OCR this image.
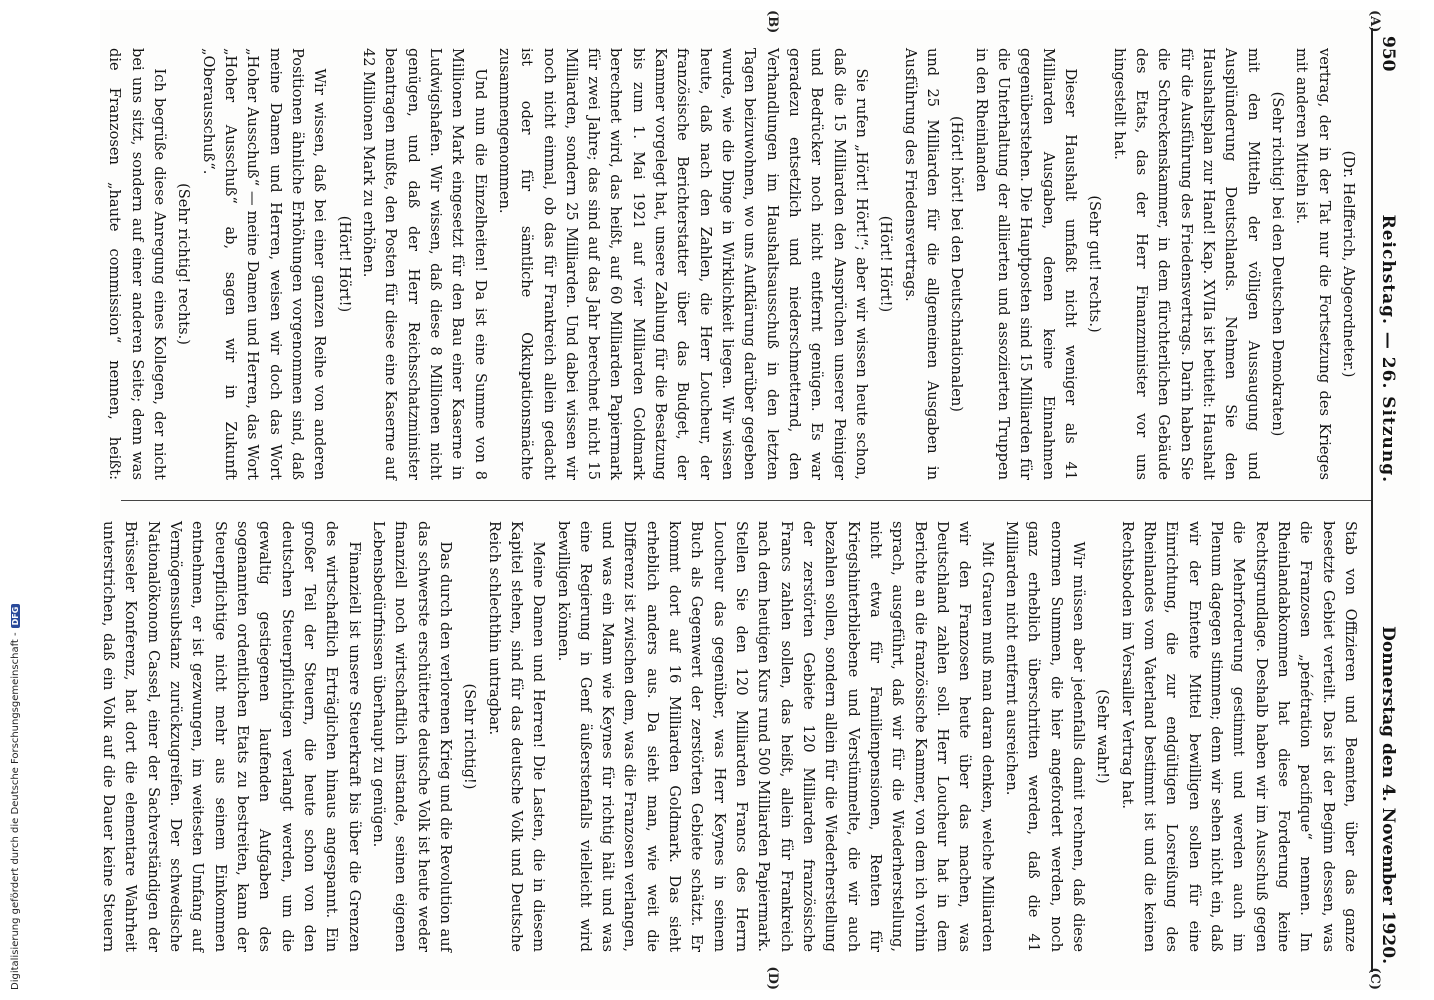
Digitalisierung gefördert durch die Deutsche Forschungsgemeinschaft -
DFG
950
Reichstag. — 26. Sitzung.
Donnerstag den 4. November 1920.
(A)
(B)
(C)
(D)

(Dr. Helfferich, Abgeordneter.)

vertrag, der in der Tat nur die Fortsetzung des Krieges mit anderen Mitteln ist.

(Sehr richtig! bei den Deutschen Demokraten)

mit den Mitteln der völligen Aussaugung und Ausplünderung Deutschlands. Nehmen Sie den Haushaltsplan zur Hand! Kap. XVIIa ist betitelt: Haushalt für die Ausführung des Friedensvertrags. Darin haben Sie die Schreckenskammer, in dem fürchterlichen Gebäude des Etats, das der Herr Finanzminister vor uns hingestellt hat.

(Sehr gut! rechts.)

Dieser Haushalt umfaßt nicht weniger als 41 Milliarden Ausgaben, denen keine Einnahmen gegenüberstehen. Die Hauptposten sind 15 Milliarden für die Unterhaltung der alliierten und assoziierten Truppen in den Rheinlanden

(Hört! hört! bei den Deutschnationalen)

und 25 Milliarden für die allgemeinen Ausgaben in Ausführung des Friedensvertrags.

(Hört! Hört!)

Sie rufen „Hört! Hört!“; aber wir wissen heute schon, daß die 15 Milliarden den Ansprüchen unserer Peiniger und Bedrücker noch nicht entfernt genügen. Es war geradezu entsetzlich und niederschmetternd, den Verhandlungen im Haushaltsausschuß in den letzten Tagen beizuwohnen, wo uns Aufklärung darüber gegeben wurde, wie die Dinge in Wirklichkeit liegen. Wir wissen heute, daß nach den Zahlen, die Herr Loucheur, der französische Berichterstatter über das Budget, der Kammer vorgelegt hat, unsere Zahlung für die Besatzung bis zum 1. Mai 1921 auf vier Milliarden Goldmark berechnet wird, das heißt, auf 60 Milliarden Papiermark für zwei Jahre; das sind auf das Jahr berechnet nicht 15 Milliarden, sondern 25 Milliarden. Und dabei wissen wir noch nicht einmal, ob das für Frankreich allein gedacht ist oder für sämtliche Okkupationsmächte zusammengenommen.

Und nun die Einzelheiten! Da ist eine Summe von 8 Millionen Mark eingesetzt für den Bau einer Kaserne in Ludwigshafen. Wir wissen, daß diese 8 Millionen nicht genügen, und daß der Herr Reichsschatzminister beantragen mußte, den Posten für diese eine Kaserne auf 42 Millionen Mark zu erhöhen.

(Hört! Hört!)

Wir wissen, daß bei einer ganzen Reihe von anderen Positionen ähnliche Erhöhungen vorgenommen sind, daß meine Damen und Herren, weisen wir doch das Wort „Hoher Ausschuß“ — meine Damen und Herren, das Wort „Hoher Ausschuß“ ab, sagen wir in Zukunft „Oberausschuß“.

(Sehr richtig! rechts.)

Ich begrüße diese Anregung eines Kollegen, der nicht bei uns sitzt, sondern auf einer anderen Seite; denn was die Franzosen „haute commission“ nennen, heißt:

Stab von Offizieren und Beamten, über das ganze besetzte Gebiet verteilt. Das ist der Beginn dessen, was die Franzosen „pénétration pacifique“ nennen. Im Rheinlandabkommen hat diese Forderung keine Rechtsgrundlage. Deshalb haben wir im Ausschuß gegen die Mehrforderung gestimmt und werden auch im Plenum dagegen stimmen; denn wir sehen nicht ein, daß wir der Entente Mittel bewilligen sollen für eine Einrichtung, die zur endgültigen Losreißung des Rheinlandes vom Vaterland bestimmt ist und die keinen Rechtsboden im Versailler Vertrag hat.

(Sehr wahr!)

Wir müssen aber jedenfalls damit rechnen, daß diese enormen Summen, die hier angefordert werden, noch ganz erheblich überschritten werden, daß die 41 Milliarden nicht entfernt ausreichen.

Mit Grauen muß man daran denken, welche Milliarden wir den Franzosen heute über das machen, was Deutschland zahlen soll. Herr Loucheur hat in dem Berichte an die französische Kammer, von dem ich vorhin sprach, ausgeführt, daß wir für die Wiederherstellung, nicht etwa für Familienpensionen, Renten für Kriegshinterbliebene und Verstümmelte, die wir auch bezahlen sollen, sondern allein für die Wiederherstellung der zerstörten Gebiete 120 Milliarden französische Francs zahlen sollen, das heißt, allein für Frankreich nach dem heutigen Kurs rund 500 Milliarden Papiermark. Stellen Sie den 120 Milliarden Francs des Herrn Loucheur das gegenüber, was Herr Keynes in seinem Buch als Gegenwert der zerstörten Gebiete schätzt. Er kommt dort auf 16 Milliarden Goldmark. Das sieht erheblich anders aus. Da sieht man, wie weit die Differenz ist zwischen dem, was die Franzosen verlangen, und was ein Mann wie Keynes für richtig hält und was eine Regierung in Genf äußerstenfalls vielleicht wird bewilligen können.

Meine Damen und Herren! Die Lasten, die in diesem Kapitel stehen, sind für das deutsche Volk und Deutsche Reich schlechthin untragbar.

(Sehr richtig!)

Das durch den verlorenen Krieg und die Revolution auf das schwerste erschütterte deutsche Volk ist heute weder finanziell noch wirtschaftlich imstande, seinen eigenen Lebensbedürfnissen überhaupt zu genügen.

Finanziell ist unsere Steuerkraft bis über die Grenzen des wirtschaftlich Erträglichen hinaus angespannt. Ein großer Teil der Steuern, die heute schon von den deutschen Steuerpflichtigen verlangt werden, um die gewaltig gestiegenen laufenden Aufgaben des sogenannten ordentlichen Etats zu bestreiten, kann der Steuerpflichtige nicht mehr aus seinem Einkommen entnehmen, er ist gezwungen, im weitesten Umfang auf Vermögenssubstanz zurückzugreifen. Der schwedische Nationalökonom Cassel, einer der Sachverständigen der Brüsseler Konferenz, hat dort die elementare Wahrheit unterstrichen, daß ein Volk auf die Dauer keine Steuern
